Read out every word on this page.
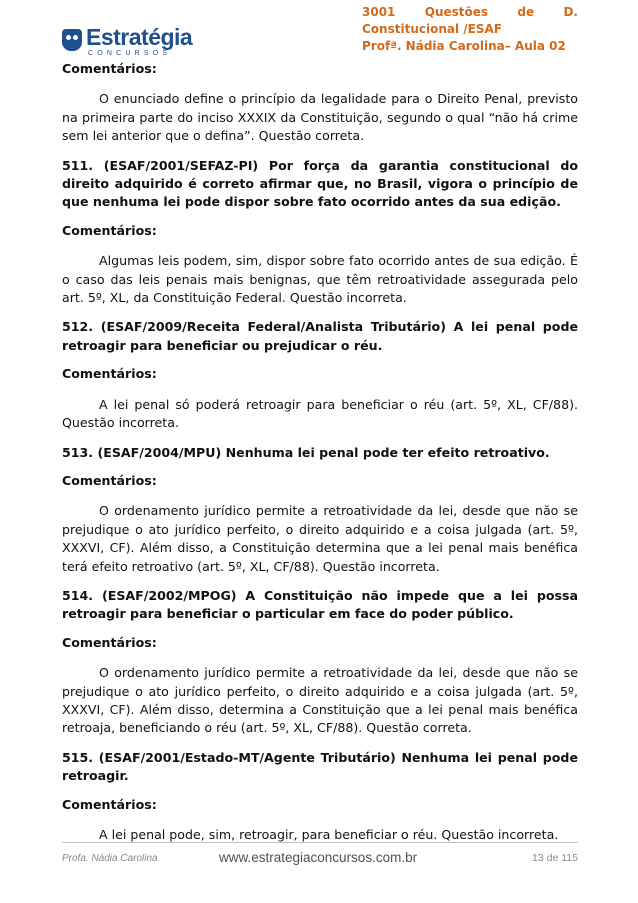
Estratégia
CONCURSOS
3001 Questões de D.
Constitucional /ESAF
Profª. Nádia Carolina– Aula 02

Comentários:

O enunciado define o princípio da legalidade para o Direito Penal, previsto na primeira parte do inciso XXXIX da Constituição, segundo o qual “não há crime sem lei anterior que o defina”. Questão correta.

511. (ESAF/2001/SEFAZ-PI) Por força da garantia constitucional do direito adquirido é correto afirmar que, no Brasil, vigora o princípio de que nenhuma lei pode dispor sobre fato ocorrido antes da sua edição.

Comentários:

Algumas leis podem, sim, dispor sobre fato ocorrido antes de sua edição. É o caso das leis penais mais benignas, que têm retroatividade assegurada pelo art. 5º, XL, da Constituição Federal. Questão incorreta.

512. (ESAF/2009/Receita Federal/Analista Tributário) A lei penal pode retroagir para beneficiar ou prejudicar o réu.

Comentários:

A lei penal só poderá retroagir para beneficiar o réu (art. 5º, XL, CF/88). Questão incorreta.

513. (ESAF/2004/MPU) Nenhuma lei penal pode ter efeito retroativo.

Comentários:

O ordenamento jurídico permite a retroatividade da lei, desde que não se prejudique o ato jurídico perfeito, o direito adquirido e a coisa julgada (art. 5º, XXXVI, CF). Além disso, a Constituição determina que a lei penal mais benéfica terá efeito retroativo (art. 5º, XL, CF/88). Questão incorreta.

514. (ESAF/2002/MPOG) A Constituição não impede que a lei possa retroagir para beneficiar o particular em face do poder público.

Comentários:

O ordenamento jurídico permite a retroatividade da lei, desde que não se prejudique o ato jurídico perfeito, o direito adquirido e a coisa julgada (art. 5º, XXXVI, CF). Além disso, determina a Constituição que a lei penal mais benéfica retroaja, beneficiando o réu (art. 5º, XL, CF/88). Questão correta.

515. (ESAF/2001/Estado-MT/Agente Tributário) Nenhuma lei penal pode retroagir.

Comentários:

A lei penal pode, sim, retroagir, para beneficiar o réu. Questão incorreta.

Profa. Nádia Carolina	www.estrategiaconcursos.com.br	13 de 115
